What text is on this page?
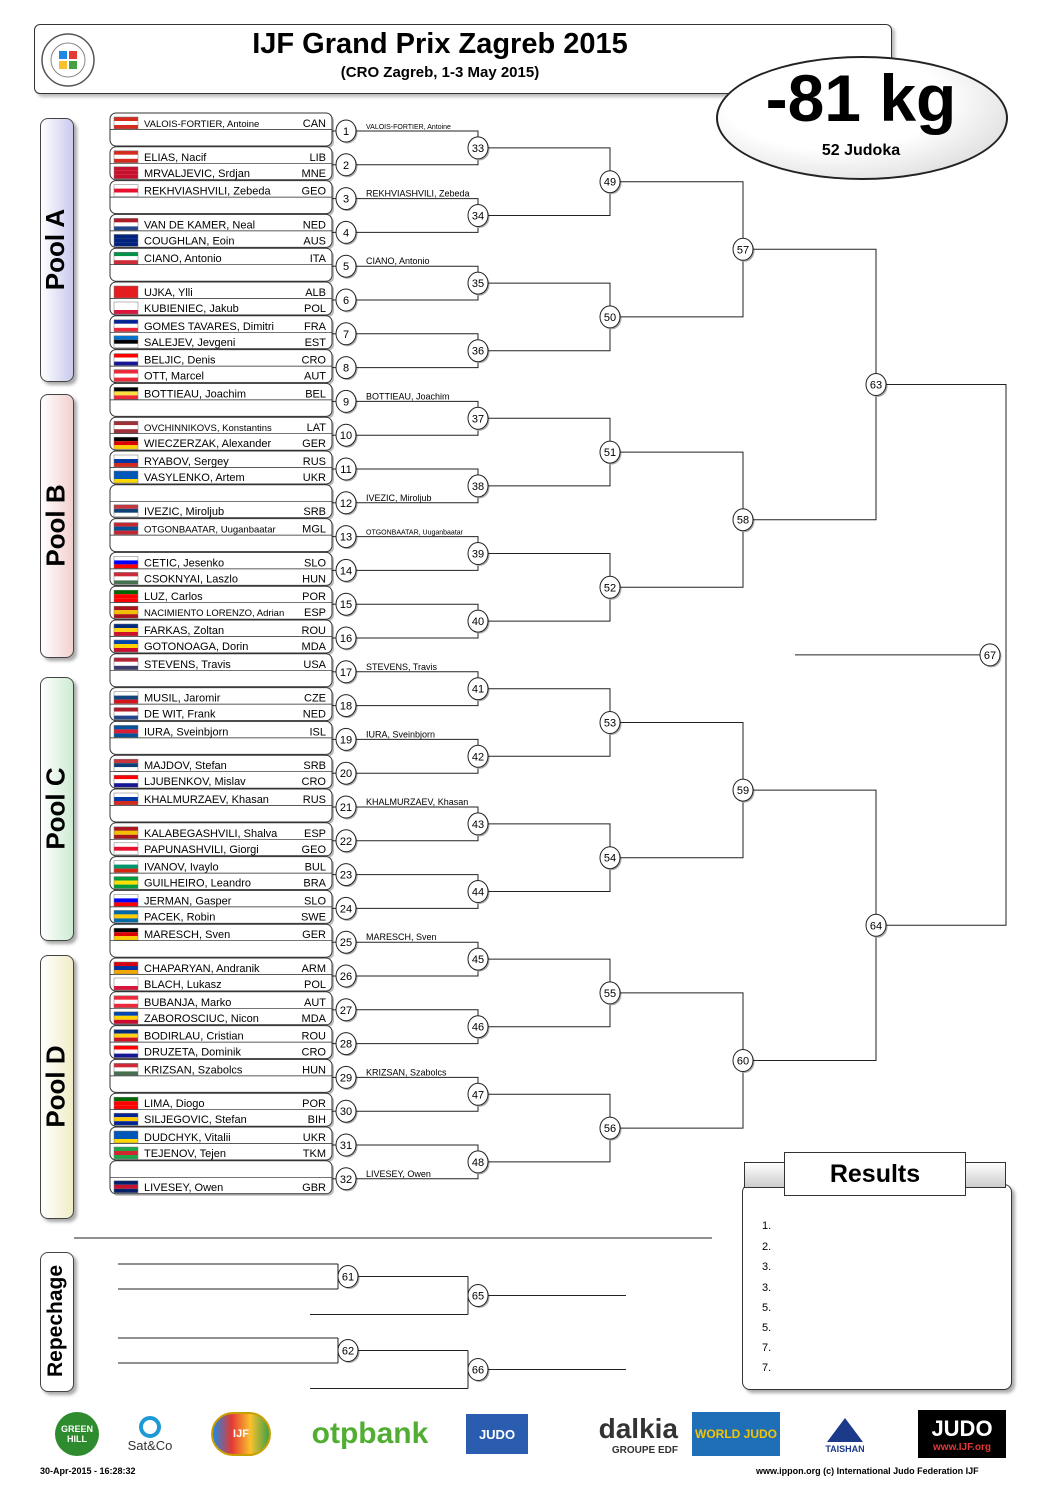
IJF Grand Prix Zagreb 2015
(CRO Zagreb, 1-3 May 2015)	-81 kg
52 Judoka
Pool A
Pool B
Pool C
Pool D
Repechage
VALOIS-FORTIER, Antoine	CAN
1 VALOIS-FORTIER, Antoine
ELIAS, Nacif	LIB
MRVALJEVIC, Srdjan	MNE
2
REKHVIASHVILI, Zebeda	GEO
3 REKHVIASHVILI, Zebeda
VAN DE KAMER, Neal	NED
COUGHLAN, Eoin	AUS
4
CIANO, Antonio	ITA
5 CIANO, Antonio
UJKA, Ylli	ALB
KUBIENIEC, Jakub	POL
6
GOMES TAVARES, Dimitri	FRA
SALEJEV, Jevgeni	EST
7
BELJIC, Denis	CRO
OTT, Marcel	AUT
8
BOTTIEAU, Joachim	BEL
9 BOTTIEAU, Joachim
OVCHINNIKOVS, Konstantins	LAT
WIECZERZAK, Alexander	GER
10
RYABOV, Sergey	RUS
VASYLENKO, Artem	UKR
11
IVEZIC, Miroljub	SRB
12 IVEZIC, Miroljub
OTGONBAATAR, Uuganbaatar MGL
13 OTGONBAATAR, Uuganbaatar
CETIC, Jesenko	SLO
CSOKNYAI, Laszlo	HUN
14
LUZ, Carlos	POR
NACIMIENTO LORENZO, Adrian ESP
15
FARKAS, Zoltan	ROU
GOTONOAGA, Dorin	MDA
16
STEVENS, Travis	USA
17 STEVENS, Travis
MUSIL, Jaromir	CZE
DE WIT, Frank	NED
18
IURA, Sveinbjorn	ISL
19 IURA, Sveinbjorn
MAJDOV, Stefan	SRB
LJUBENKOV, Mislav	CRO
20
KHALMURZAEV, Khasan	RUS
21 KHALMURZAEV, Khasan
KALABEGASHVILI, Shalva ESP
PAPUNASHVILI, Giorgi	GEO
22
IVANOV, Ivaylo	BUL
GUILHEIRO, Leandro	BRA
23
JERMAN, Gasper	SLO
PACEK, Robin	SWE
24
MARESCH, Sven	GER
25 MARESCH, Sven
CHAPARYAN, Andranik	ARM
BLACH, Lukasz	POL
26
BUBANJA, Marko	AUT
ZABOROSCIUC, Nicon	MDA
27
BODIRLAU, Cristian	ROU
DRUZETA, Dominik	CRO
28
KRIZSAN, Szabolcs	HUN
29 KRIZSAN, Szabolcs
LIMA, Diogo	POR
SILJEGOVIC, Stefan	BIH
30
DUDCHYK, Vitalii	UKR
TEJENOV, Tejen	TKM
31
LIVESEY, Owen	GBR
32 LIVESEY, Owen
33
34
35
36
37
38
39
40
41
42
43
44
45
46
47
48
49
50
51
52
53
54
55
56
57
58
59
60
63
64
67
61
65
62
66
Results
1.
2.
3.
3.
5.
5.
7.
7.
GREEN HILL	Sat&Co
IJF	otpbank	JUDO	dalkia
GROUPE EDF
WORLD JUDO
TAISHAN
JUDO
www.IJF.org
30-Apr-2015 - 16:28:32	www.ippon.org (c) International Judo Federation IJF
